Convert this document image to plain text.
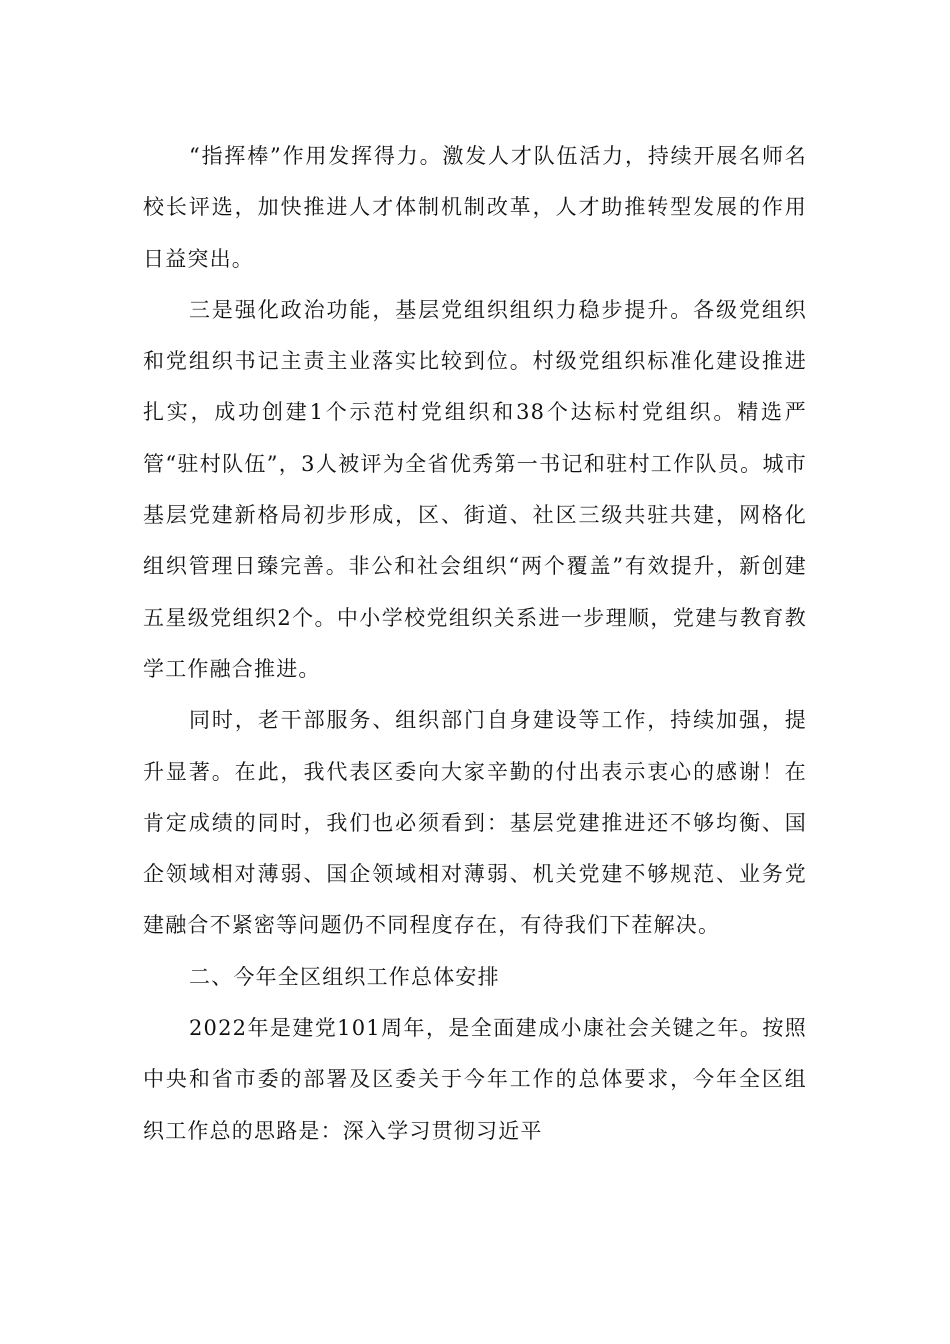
“指挥棒”作用发挥得力。激发人才队伍活力，持续开展名师名校长评选，加快推进人才体制机制改革，人才助推转型发展的作用日益突出。

三是强化政治功能，基层党组织组织力稳步提升。各级党组织和党组织书记主责主业落实比较到位。村级党组织标准化建设推进扎实，成功创建1个示范村党组织和38个达标村党组织。精选严管“驻村队伍”，3人被评为全省优秀第一书记和驻村工作队员。城市基层党建新格局初步形成，区、街道、社区三级共驻共建，网格化组织管理日臻完善。非公和社会组织“两个覆盖”有效提升，新创建五星级党组织2个。中小学校党组织关系进一步理顺，党建与教育教学工作融合推进。

同时，老干部服务、组织部门自身建设等工作，持续加强，提升显著。在此，我代表区委向大家辛勤的付出表示衷心的感谢！在肯定成绩的同时，我们也必须看到：基层党建推进还不够均衡、国企领域相对薄弱、国企领域相对薄弱、机关党建不够规范、业务党建融合不紧密等问题仍不同程度存在，有待我们下茬解决。

二、今年全区组织工作总体安排

2022年是建党101周年，是全面建成小康社会关键之年。按照中央和省市委的部署及区委关于今年工作的总体要求，今年全区组织工作总的思路是：深入学习贯彻习近平
